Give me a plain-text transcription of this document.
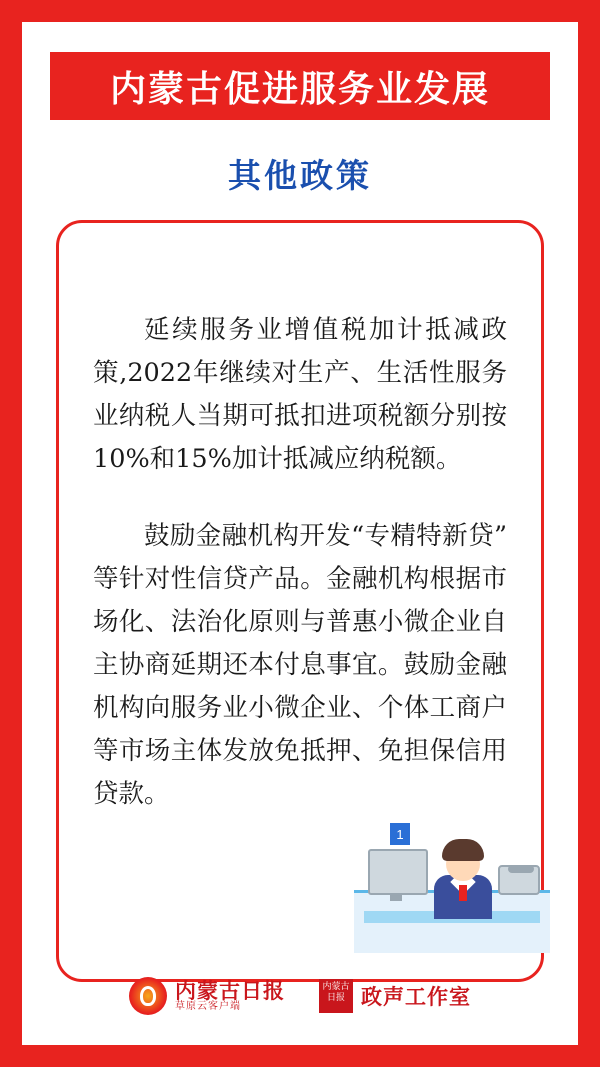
内蒙古促进服务业发展
其他政策

延续服务业增值税加计抵减政策,2022年继续对生产、生活性服务业纳税人当期可抵扣进项税额分别按10%和15%加计抵减应纳税额。

鼓励金融机构开发“专精特新贷”等针对性信贷产品。金融机构根据市场化、法治化原则与普惠小微企业自主协商延期还本付息事宜。鼓励金融机构向服务业小微企业、个体工商户等市场主体发放免抵押、免担保信用贷款。

1
内蒙古日报
草原云客户端
内蒙古日报 政声工作室
